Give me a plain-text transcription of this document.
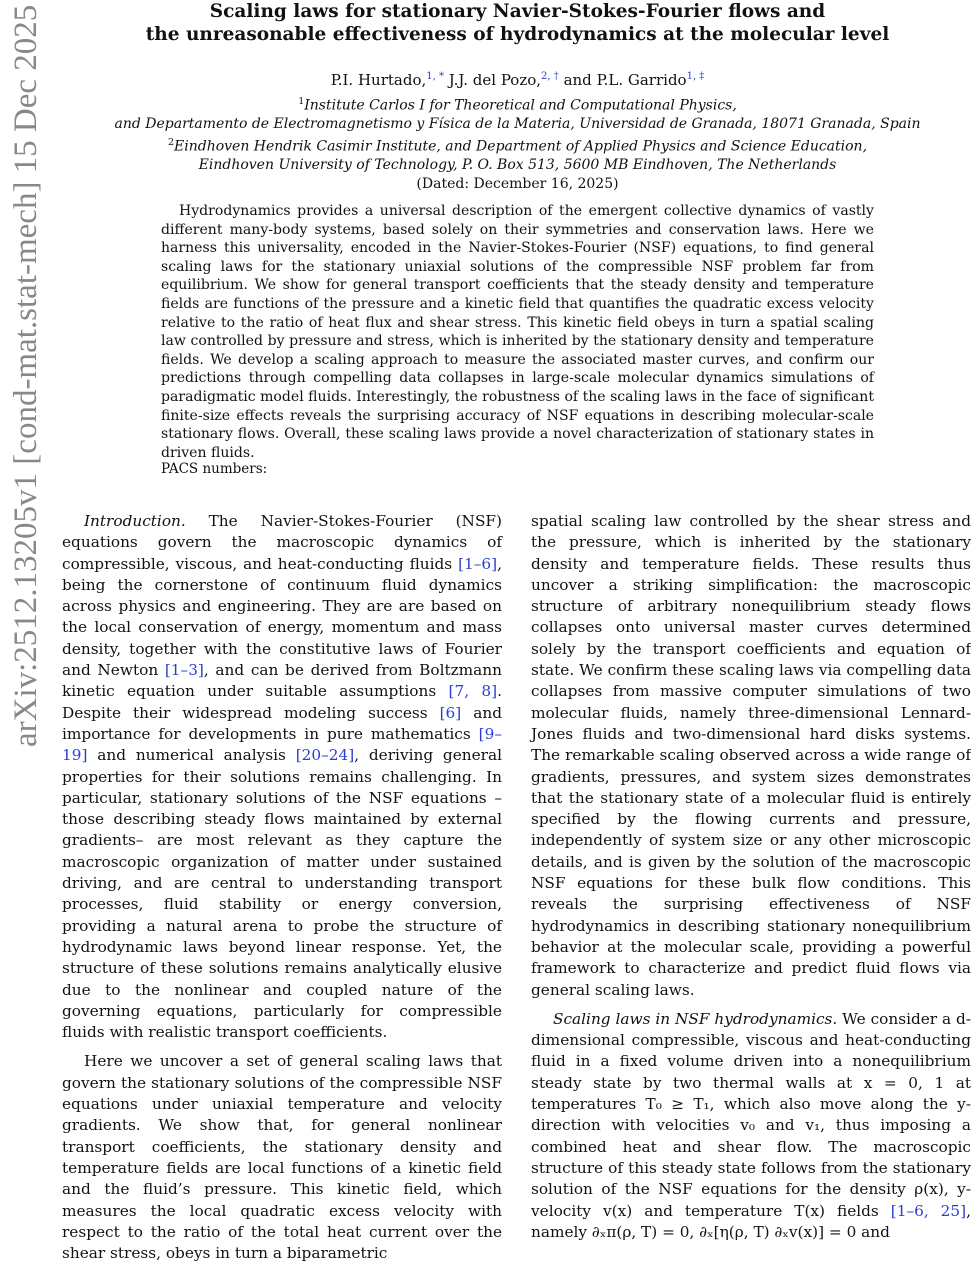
arXiv:2512.13205v1 [cond-mat.stat-mech] 15 Dec 2025	Scaling laws for stationary Navier-Stokes-Fourier flows and
the unreasonable effectiveness of hydrodynamics at the molecular level
P.I. Hurtado,$^{1, *}$ J.J. del Pozo,$^{2, \dagger}$ and P.L. Garrido$^{1, \ddagger}$
$^1$Institute Carlos I for Theoretical and Computational Physics,
and Departamento de Electromagnetismo y Física de la Materia, Universidad de Granada, 18071 Granada, Spain
$^2$Eindhoven Hendrik Casimir Institute, and Department of Applied Physics and Science Education,
Eindhoven University of Technology, P. O. Box 513, 5600 MB Eindhoven, The Netherlands
(Dated: December 16, 2025)
Hydrodynamics provides a universal description of the emergent collective dynamics of vastly different many-body systems, based solely on their symmetries and conservation laws. Here we harness this universality, encoded in the Navier-Stokes-Fourier (NSF) equations, to find general scaling laws for the stationary uniaxial solutions of the compressible NSF problem far from equilibrium. We show for general transport coefficients that the steady density and temperature fields are functions of the pressure and a kinetic field that quantifies the quadratic excess velocity relative to the ratio of heat flux and shear stress. This kinetic field obeys in turn a spatial scaling law controlled by pressure and stress, which is inherited by the stationary density and temperature fields. We develop a scaling approach to measure the associated master curves, and confirm our predictions through compelling data collapses in large-scale molecular dynamics simulations of paradigmatic model fluids. Interestingly, the robustness of the scaling laws in the face of significant finite-size effects reveals the surprising accuracy of NSF equations in describing molecular-scale stationary flows. Overall, these scaling laws provide a novel characterization of stationary states in driven fluids.
PACS numbers:

Introduction. The Navier-Stokes-Fourier (NSF) equations govern the macroscopic dynamics of compressible, viscous, and heat-conducting fluids [1–6], being the cornerstone of continuum fluid dynamics across physics and engineering. They are are based on the local conservation of energy, momentum and mass density, together with the constitutive laws of Fourier and Newton [1–3], and can be derived from Boltzmann kinetic equation under suitable assumptions [7, 8]. Despite their widespread modeling success [6] and importance for developments in pure mathematics [9–19] and numerical analysis [20–24], deriving general properties for their solutions remains challenging. In particular, stationary solutions of the NSF equations –those describing steady flows maintained by external gradients– are most relevant as they capture the macroscopic organization of matter under sustained driving, and are central to understanding transport processes, fluid stability or energy conversion, providing a natural arena to probe the structure of hydrodynamic laws beyond linear response. Yet, the structure of these solutions remains analytically elusive due to the nonlinear and coupled nature of the governing equations, particularly for compressible fluids with realistic transport coefficients.

Here we uncover a set of general scaling laws that govern the stationary solutions of the compressible NSF equations under uniaxial temperature and velocity gradients. We show that, for general nonlinear transport coefficients, the stationary density and temperature fields are local functions of a kinetic field and the fluid’s pressure. This kinetic field, which measures the local quadratic excess velocity with respect to the ratio of the total heat current over the shear stress, obeys in turn a biparametric

spatial scaling law controlled by the shear stress and the pressure, which is inherited by the stationary density and temperature fields. These results thus uncover a striking simplification: the macroscopic structure of arbitrary nonequilibrium steady flows collapses onto universal master curves determined solely by the transport coefficients and equation of state. We confirm these scaling laws via compelling data collapses from massive computer simulations of two molecular fluids, namely three-dimensional Lennard-Jones fluids and two-dimensional hard disks systems. The remarkable scaling observed across a wide range of gradients, pressures, and system sizes demonstrates that the stationary state of a molecular fluid is entirely specified by the flowing currents and pressure, independently of system size or any other microscopic details, and is given by the solution of the macroscopic NSF equations for these bulk flow conditions. This reveals the surprising effectiveness of NSF hydrodynamics in describing stationary nonequilibrium behavior at the molecular scale, providing a powerful framework to characterize and predict fluid flows via general scaling laws.

Scaling laws in NSF hydrodynamics. We consider a d-dimensional compressible, viscous and heat-conducting fluid in a fixed volume driven into a nonequilibrium steady state by two thermal walls at x = 0, 1 at temperatures T₀ ≥ T₁, which also move along the y-direction with velocities v₀ and v₁, thus imposing a combined heat and shear flow. The macroscopic structure of this steady state follows from the stationary solution of the NSF equations for the density ρ(x), y-velocity v(x) and temperature T(x) fields [1–6, 25], namely ∂ₓπ(ρ, T) = 0, ∂ₓ[η(ρ, T) ∂ₓv(x)] = 0 and
